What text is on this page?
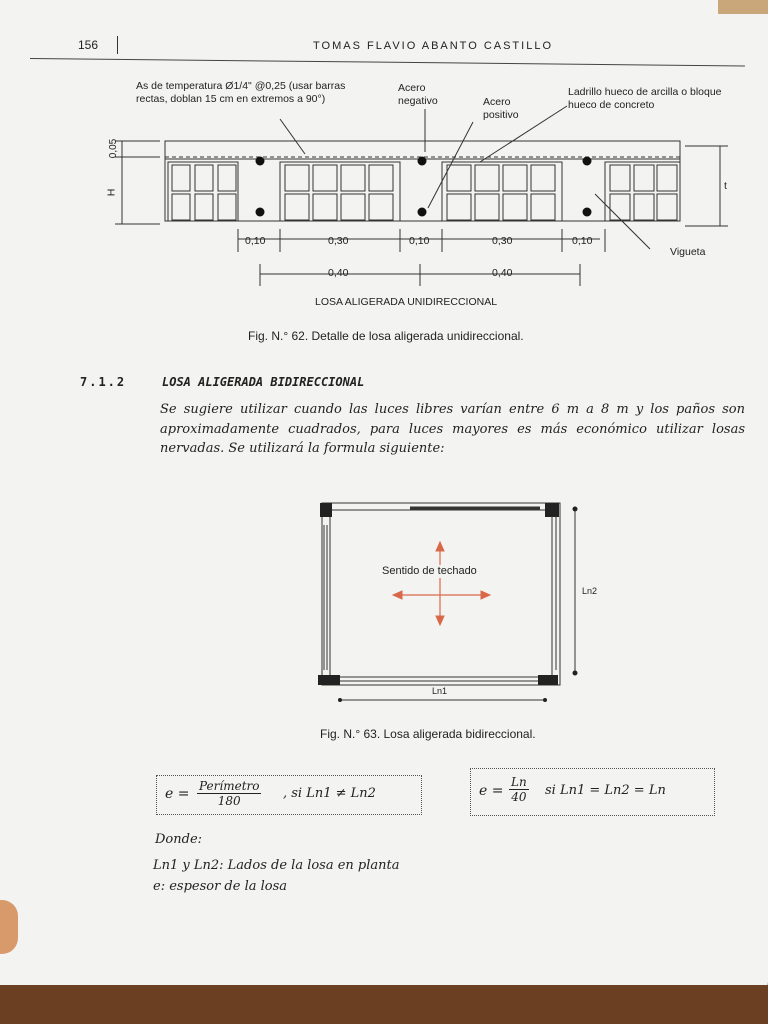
156	TOMAS FLAVIO ABANTO CASTILLO
As de temperatura Ø1/4" @0,25 (usar barras rectas, doblan 15 cm en extremos a 90°)
Acero negativo	Acero positivo
Ladrillo hueco de arcilla o bloque hueco de concreto
Vigueta
0,05
H
t
0,10	0,30	0,10	0,30	0,10
0,40	0,40
LOSA ALIGERADA UNIDIRECCIONAL
Fig. N.° 62. Detalle de losa aligerada unidireccional.
7.1.2	LOSA ALIGERADA BIDIRECCIONAL
Se sugiere utilizar cuando las luces libres varían entre 6 m a 8 m y los paños son aproximadamente cuadrados, para luces mayores es más económico utilizar losas nervadas. Se utilizará la formula siguiente:
Sentido de techado
Ln2
Ln1
Fig. N.° 63. Losa aligerada bidireccional.
e = Perímetro
180	, si Ln1 ≠ Ln2	$e = \frac{Ln}{40}$ si Ln1 = Ln2 = Ln
Donde:
Ln1 y Ln2: Lados de la losa en planta
e: espesor de la losa
